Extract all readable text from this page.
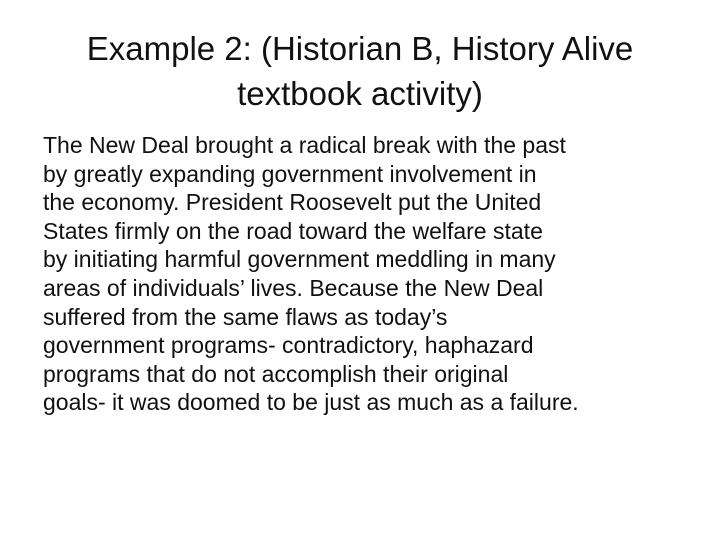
Example 2: (Historian B, History Alive
textbook activity)
The New Deal brought a radical break with the past
by greatly expanding government involvement in
the economy. President Roosevelt put the United
States firmly on the road toward the welfare state
by initiating harmful government meddling in many
areas of individuals’ lives. Because the New Deal
suffered from the same flaws as today’s
government programs- contradictory, haphazard
programs that do not accomplish their original
goals- it was doomed to be just as much as a failure.
